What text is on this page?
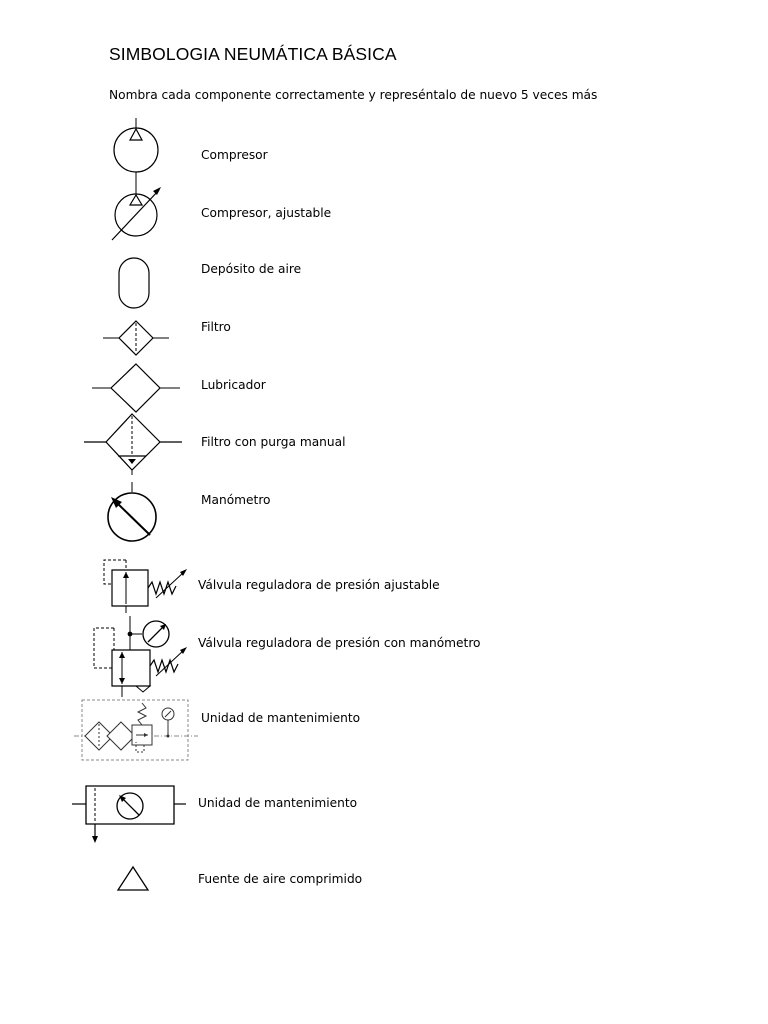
SIMBOLOGIA NEUMÁTICA BÁSICA
Nombra cada componente correctamente y represéntalo de nuevo 5 veces más
Compresor
Compresor, ajustable
Depósito de aire
Filtro
Lubricador
Filtro con purga manual
Manómetro
Válvula reguladora de presión ajustable
Válvula reguladora de presión con manómetro
Unidad de mantenimiento
Unidad de mantenimiento
Fuente de aire comprimido
